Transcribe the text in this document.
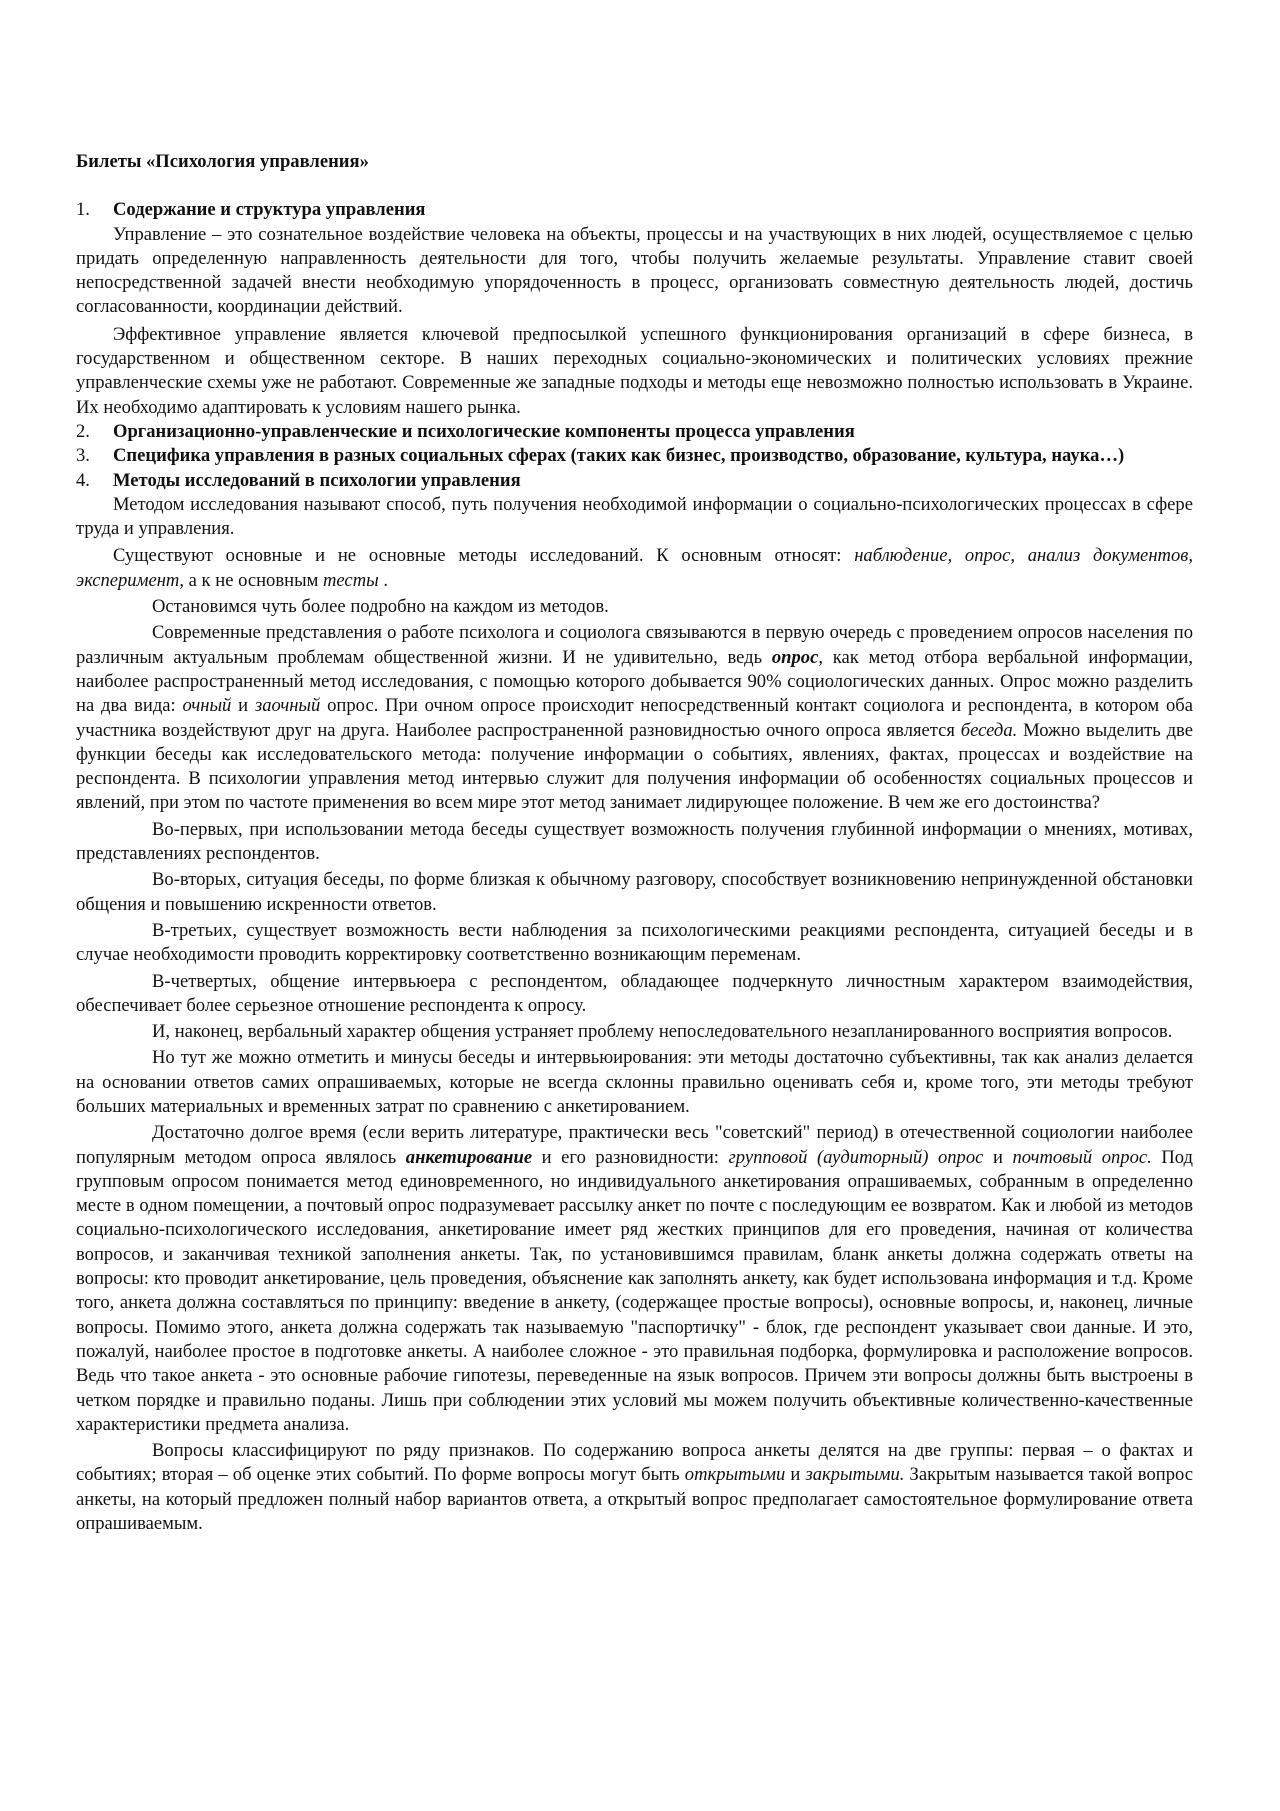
Билеты «Психология управления»

1. Содержание и структура управления

Управление – это сознательное воздействие человека на объекты, процессы и на участвующих в них людей, осуществляемое с целью придать определенную направленность деятельности для того, чтобы получить желаемые результаты. Управление ставит своей непосредственной задачей внести необходимую упорядоченность в процесс, организовать совместную деятельность людей, достичь согласованности, координации действий.

Эффективное управление является ключевой предпосылкой успешного функционирования организаций в сфере бизнеса, в государственном и общественном секторе. В наших переходных социально-экономических и политических условиях прежние управленческие схемы уже не работают. Современные же западные подходы и методы еще невозможно полностью использовать в Украине. Их необходимо адаптировать к условиям нашего рынка.

2. Организационно-управленческие и психологические компоненты процесса управления
3. Специфика управления в разных социальных сферах (таких как бизнес, производство, образование, культура, наука…)
4. Методы исследований в психологии управления

Методом исследования называют способ, путь получения необходимой информации о социально-психологических процессах в сфере труда и управления.

Существуют основные и не основные методы исследований. К основным относят: наблюдение, опрос, анализ документов, эксперимент, а к не основным тесты .

Остановимся чуть более подробно на каждом из методов.

Современные представления о работе психолога и социолога связываются в первую очередь с проведением опросов населения по различным актуальным проблемам общественной жизни. И не удивительно, ведь опрос, как метод отбора вербальной информации, наиболее распространенный метод исследования, с помощью которого добывается 90% социологических данных. Опрос можно разделить на два вида: очный и заочный опрос. При очном опросе происходит непосредственный контакт социолога и респондента, в котором оба участника воздействуют друг на друга. Наиболее распространенной разновидностью очного опроса является беседа. Можно выделить две функции беседы как исследовательского метода: получение информации о событиях, явлениях, фактах, процессах и воздействие на респондента. В психологии управления метод интервью служит для получения информации об особенностях социальных процессов и явлений, при этом по частоте применения во всем мире этот метод занимает лидирующее положение. В чем же его достоинства?

Во-первых, при использовании метода беседы существует возможность получения глубинной информации о мнениях, мотивах, представлениях респондентов.

Во-вторых, ситуация беседы, по форме близкая к обычному разговору, способствует возникновению непринужденной обстановки общения и повышению искренности ответов.

В-третьих, существует возможность вести наблюдения за психологическими реакциями респондента, ситуацией беседы и в случае необходимости проводить корректировку соответственно возникающим переменам.

В-четвертых, общение интервьюера с респондентом, обладающее подчеркнуто личностным характером взаимодействия, обеспечивает более серьезное отношение респондента к опросу.

И, наконец, вербальный характер общения устраняет проблему непоследовательного незапланированного восприятия вопросов.

Но тут же можно отметить и минусы беседы и интервьюирования: эти методы достаточно субъективны, так как анализ делается на основании ответов самих опрашиваемых, которые не всегда склонны правильно оценивать себя и, кроме того, эти методы требуют больших материальных и временных затрат по сравнению с анкетированием.

Достаточно долгое время (если верить литературе, практически весь "советский" период) в отечественной социологии наиболее популярным методом опроса являлось анкетирование и его разновидности: групповой (аудиторный) опрос и почтовый опрос. Под групповым опросом понимается метод единовременного, но индивидуального анкетирования опрашиваемых, собранным в определенно месте в одном помещении, а почтовый опрос подразумевает рассылку анкет по почте с последующим ее возвратом. Как и любой из методов социально-психологического исследования, анкетирование имеет ряд жестких принципов для его проведения, начиная от количества вопросов, и заканчивая техникой заполнения анкеты. Так, по установившимся правилам, бланк анкеты должна содержать ответы на вопросы: кто проводит анкетирование, цель проведения, объяснение как заполнять анкету, как будет использована информация и т.д. Кроме того, анкета должна составляться по принципу: введение в анкету, (содержащее простые вопросы), основные вопросы, и, наконец, личные вопросы. Помимо этого, анкета должна содержать так называемую "паспортичку" - блок, где респондент указывает свои данные. И это, пожалуй, наиболее простое в подготовке анкеты. А наиболее сложное - это правильная подборка, формулировка и расположение вопросов. Ведь что такое анкета - это основные рабочие гипотезы, переведенные на язык вопросов. Причем эти вопросы должны быть выстроены в четком порядке и правильно поданы. Лишь при соблюдении этих условий мы можем получить объективные количественно-качественные характеристики предмета анализа.

Вопросы классифицируют по ряду признаков. По содержанию вопроса анкеты делятся на две группы: первая – о фактах и событиях; вторая – об оценке этих событий. По форме вопросы могут быть открытыми и закрытыми. Закрытым называется такой вопрос анкеты, на который предложен полный набор вариантов ответа, а открытый вопрос предполагает самостоятельное формулирование ответа опрашиваемым.
